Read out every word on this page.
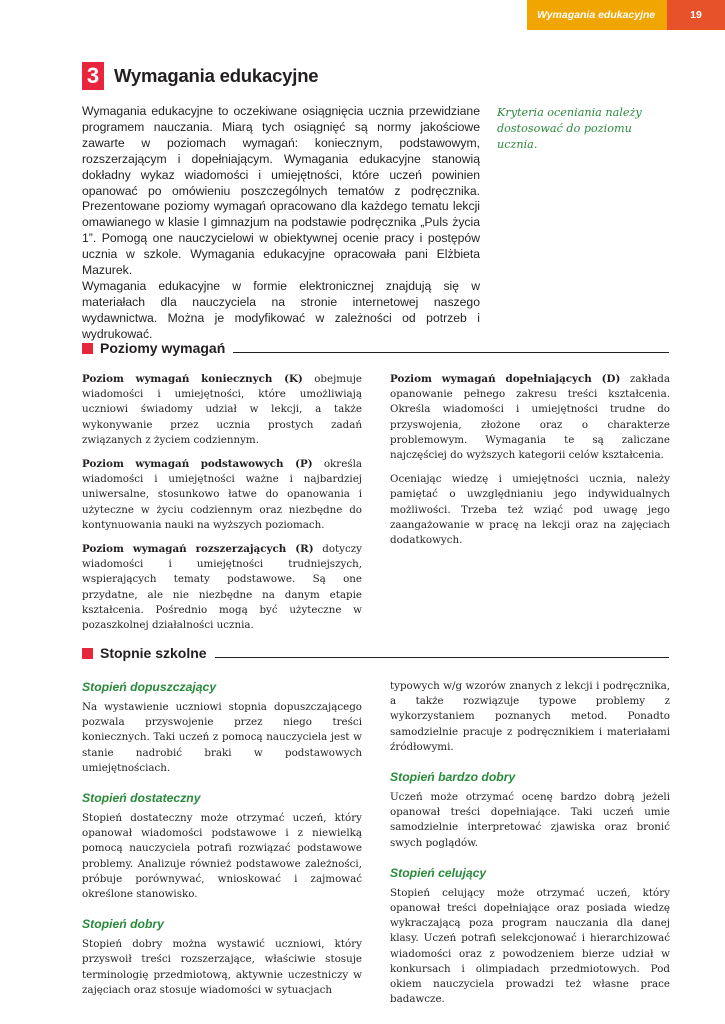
Wymagania edukacyjne	19
3 Wymagania edukacyjne

Wymagania edukacyjne to oczekiwane osiągnięcia ucznia przewidziane programem nauczania. Miarą tych osiągnięć są normy jakościowe zawarte w poziomach wymagań: koniecznym, podstawowym, rozszerzającym i dopełniającym. Wymagania edukacyjne stanowią dokładny wykaz wiadomości i umiejętności, które uczeń powinien opanować po omówieniu poszczególnych tematów z podręcznika. Prezentowane poziomy wymagań opracowano dla każdego tematu lekcji omawianego w klasie I gimnazjum na podstawie podręcznika „Puls życia 1”. Pomogą one nauczycielowi w obiektywnej ocenie pracy i postępów ucznia w szkole. Wymagania edukacyjne opracowała pani Elżbieta Mazurek.

Wymagania edukacyjne w formie elektronicznej znajdują się w materiałach dla nauczyciela na stronie internetowej naszego wydawnictwa. Można je modyfikować w zależności od potrzeb i wydrukować.

Kryteria oceniania należy dostosować do poziomu ucznia.
Poziomy wymagań

Poziom wymagań koniecznych (K) obejmuje wiadomości i umiejętności, które umożliwiają uczniowi świadomy udział w lekcji, a także wykonywanie przez ucznia prostych zadań związanych z życiem codziennym.

Poziom wymagań podstawowych (P) określa wiadomości i umiejętności ważne i najbardziej uniwersalne, stosunkowo łatwe do opanowania i użyteczne w życiu codziennym oraz niezbędne do kontynuowania nauki na wyższych poziomach.

Poziom wymagań rozszerzających (R) dotyczy wiadomości i umiejętności trudniejszych, wspierających tematy podstawowe. Są one przydatne, ale nie niezbędne na danym etapie kształcenia. Pośrednio mogą być użyteczne w pozaszkolnej działalności ucznia.

Poziom wymagań dopełniających (D) zakłada opanowanie pełnego zakresu treści kształcenia. Określa wiadomości i umiejętności trudne do przyswojenia, złożone oraz o charakterze problemowym. Wymagania te są zaliczane najczęściej do wyższych kategorii celów kształcenia.

Oceniając wiedzę i umiejętności ucznia, należy pamiętać o uwzględnianiu jego indywidualnych możliwości. Trzeba też wziąć pod uwagę jego zaangażowanie w pracę na lekcji oraz na zajęciach dodatkowych.

Stopnie szkolne
Stopień dopuszczający

Na wystawienie uczniowi stopnia dopuszczającego pozwala przyswojenie przez niego treści koniecznych. Taki uczeń z pomocą nauczyciela jest w stanie nadrobić braki w podstawowych umiejętnościach.

Stopień dostateczny

Stopień dostateczny może otrzymać uczeń, który opanował wiadomości podstawowe i z niewielką pomocą nauczyciela potrafi rozwiązać podstawowe problemy. Analizuje również podstawowe zależności, próbuje porównywać, wnioskować i zajmować określone stanowisko.

Stopień dobry

Stopień dobry można wystawić uczniowi, który przyswoił treści rozszerzające, właściwie stosuje terminologię przedmiotową, aktywnie uczestniczy w zajęciach oraz stosuje wiadomości w sytuacjach

typowych w/g wzorów znanych z lekcji i podręcznika, a także rozwiązuje typowe problemy z wykorzystaniem poznanych metod. Ponadto samodzielnie pracuje z podręcznikiem i materiałami źródłowymi.

Stopień bardzo dobry

Uczeń może otrzymać ocenę bardzo dobrą jeżeli opanował treści dopełniające. Taki uczeń umie samodzielnie interpretować zjawiska oraz bronić swych poglądów.

Stopień celujący

Stopień celujący może otrzymać uczeń, który opanował treści dopełniające oraz posiada wiedzę wykraczającą poza program nauczania dla danej klasy. Uczeń potrafi selekcjonować i hierarchizować wiadomości oraz z powodzeniem bierze udział w konkursach i olimpiadach przedmiotowych. Pod okiem nauczyciela prowadzi też własne prace badawcze.
